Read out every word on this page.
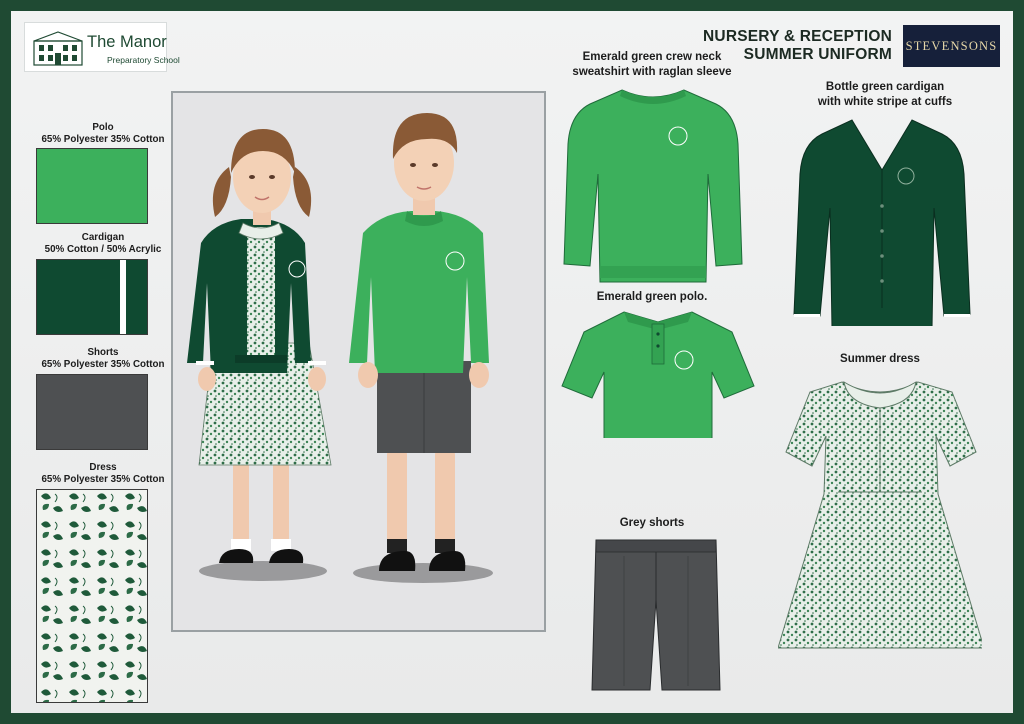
The Manor
Preparatory School
NURSERY & RECEPTION
SUMMER UNIFORM
STEVENSONS
Polo
65% Polyester 35% Cotton
Cardigan
50% Cotton / 50% Acrylic
Shorts
65% Polyester 35% Cotton
Dress
65% Polyester 35% Cotton
Emerald green crew neck
sweatshirt with raglan sleeve
Bottle green cardigan
with white stripe at cuffs
Emerald green polo.
Summer dress
Grey shorts
